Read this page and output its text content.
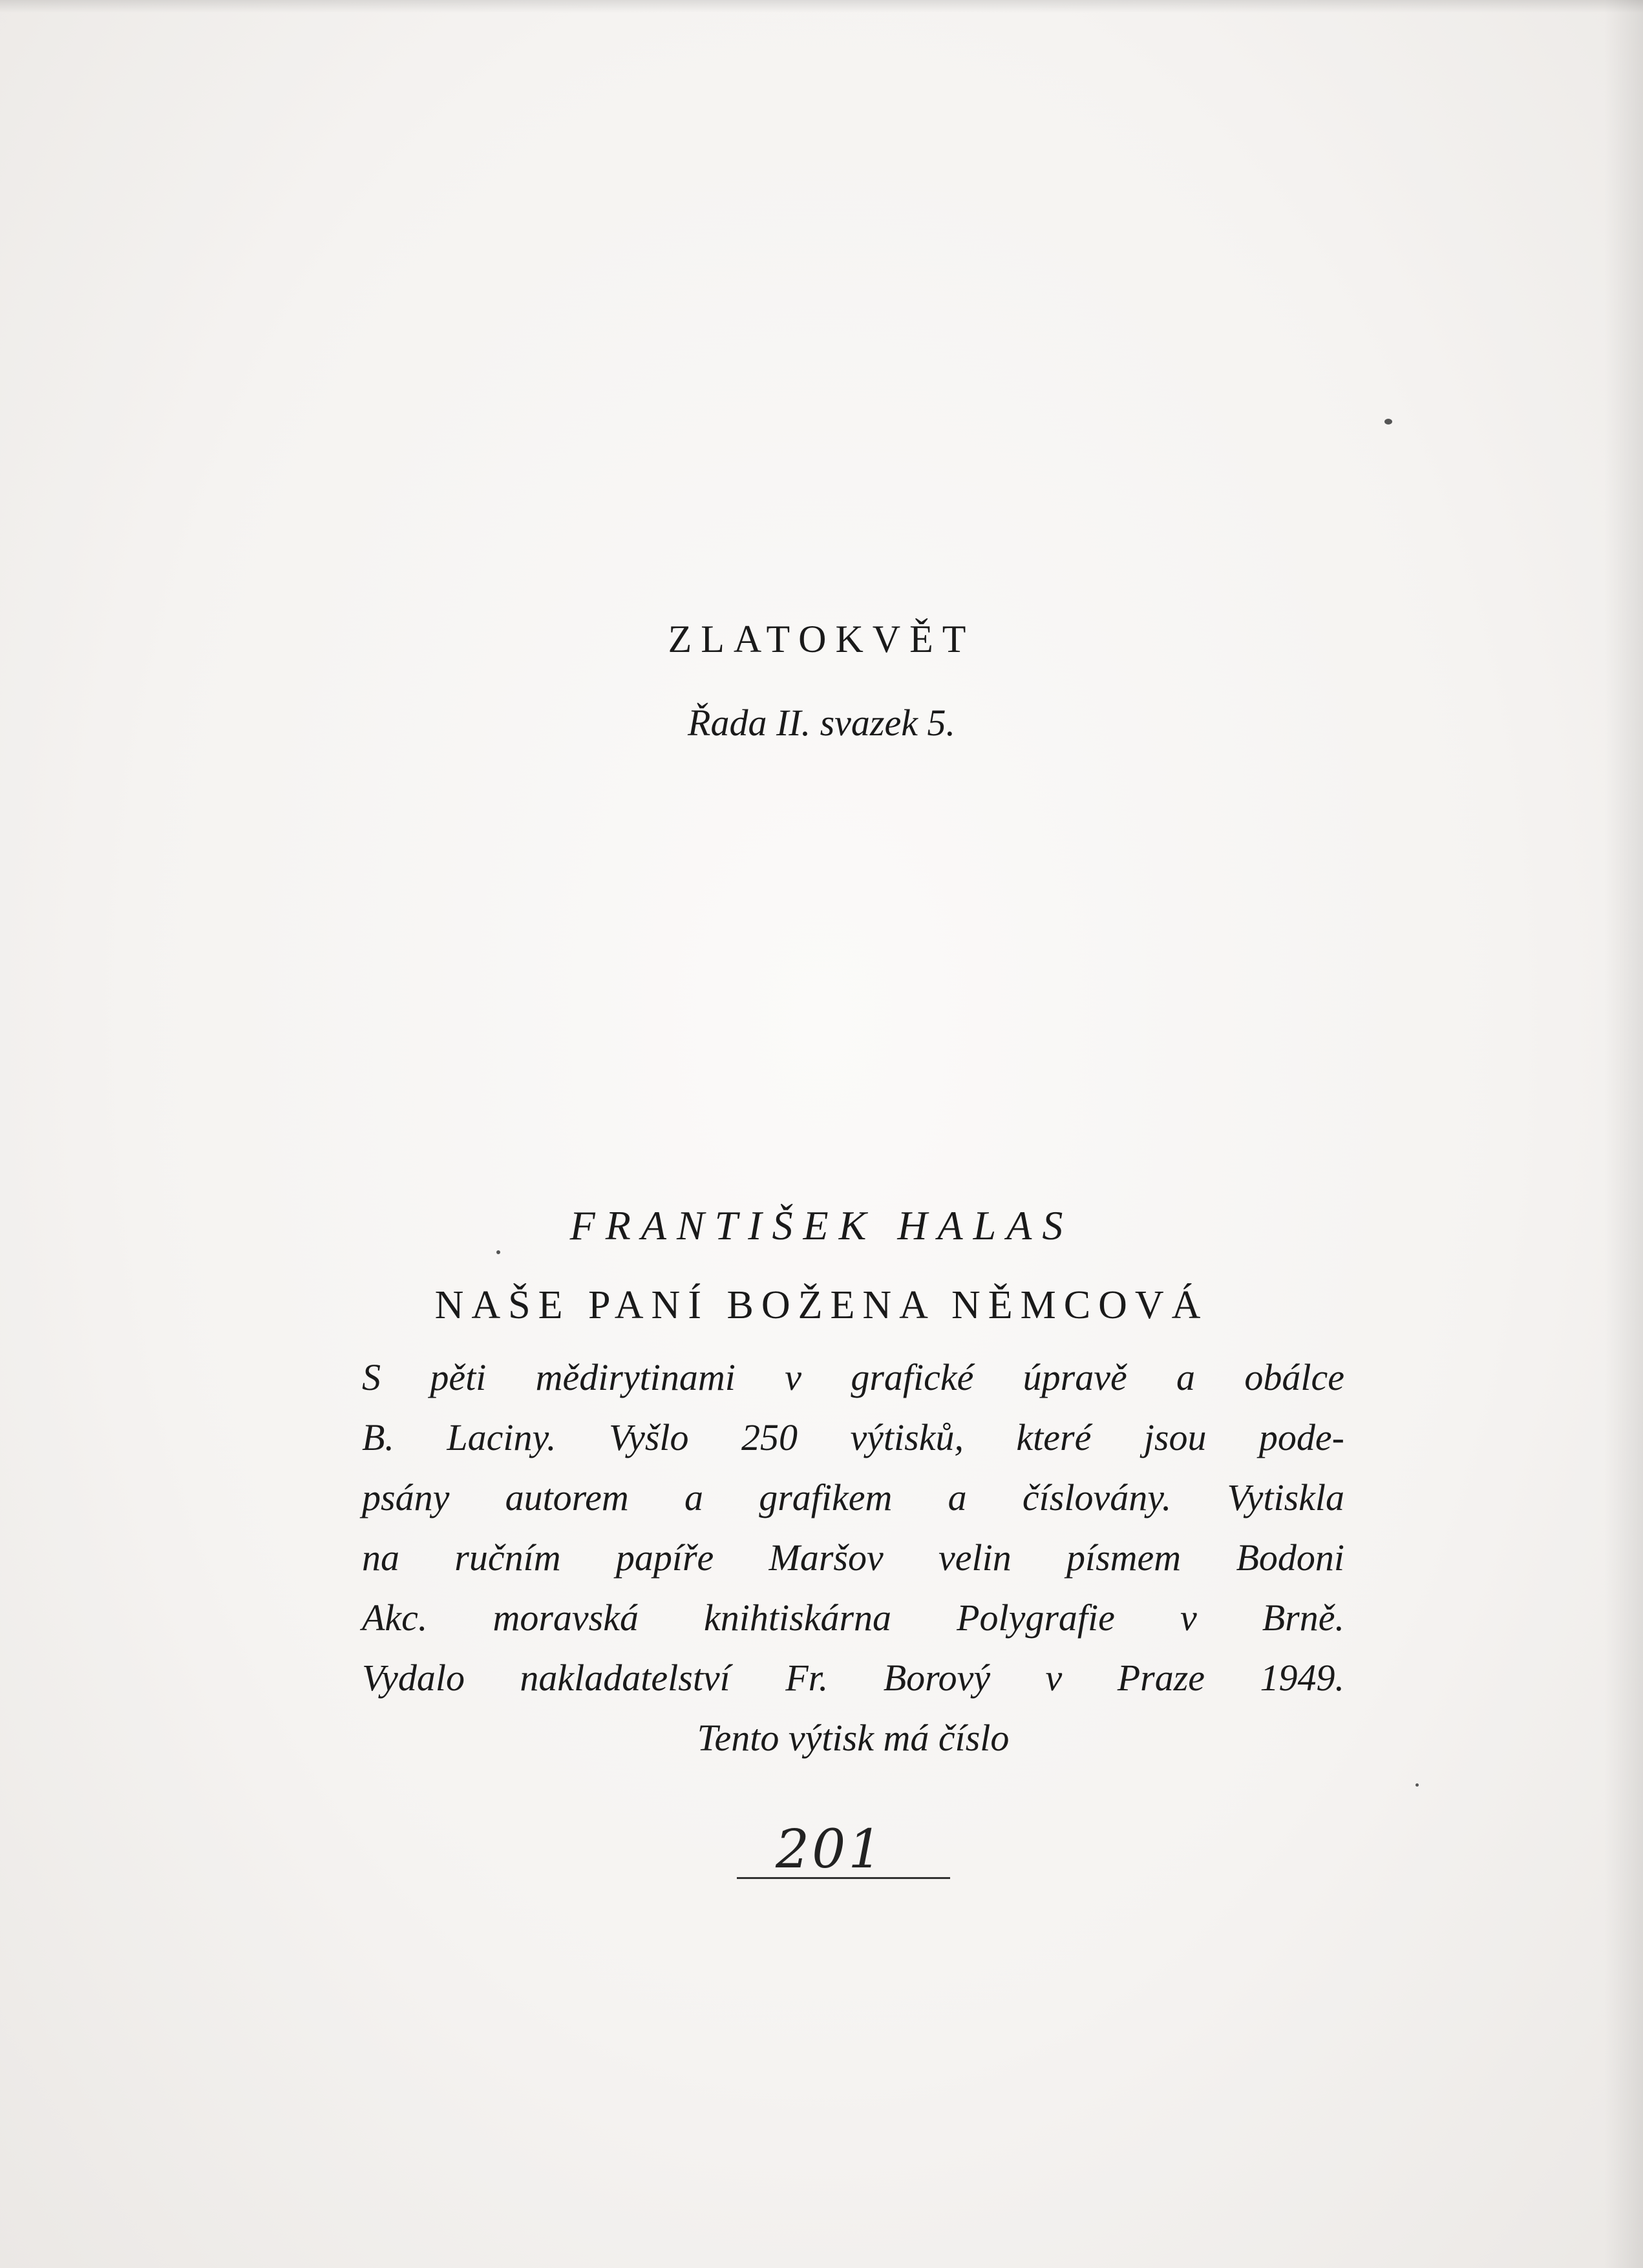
ZLATOKVĚT
Řada II. svazek 5.
FRANTIŠEK HALAS
NAŠE PANÍ BOŽENA NĚMCOVÁ
S pěti mědirytinami v grafické úpravě a obálce
B. Laciny. Vyšlo 250 výtisků, které jsou pode-
psány autorem a grafikem a číslovány. Vytiskla
na ručním papíře Maršov velin písmem Bodoni
Akc. moravská knihtiskárna Polygrafie v Brně.
Vydalo nakladatelství Fr. Borový v Praze 1949.
Tento výtisk má číslo
201
